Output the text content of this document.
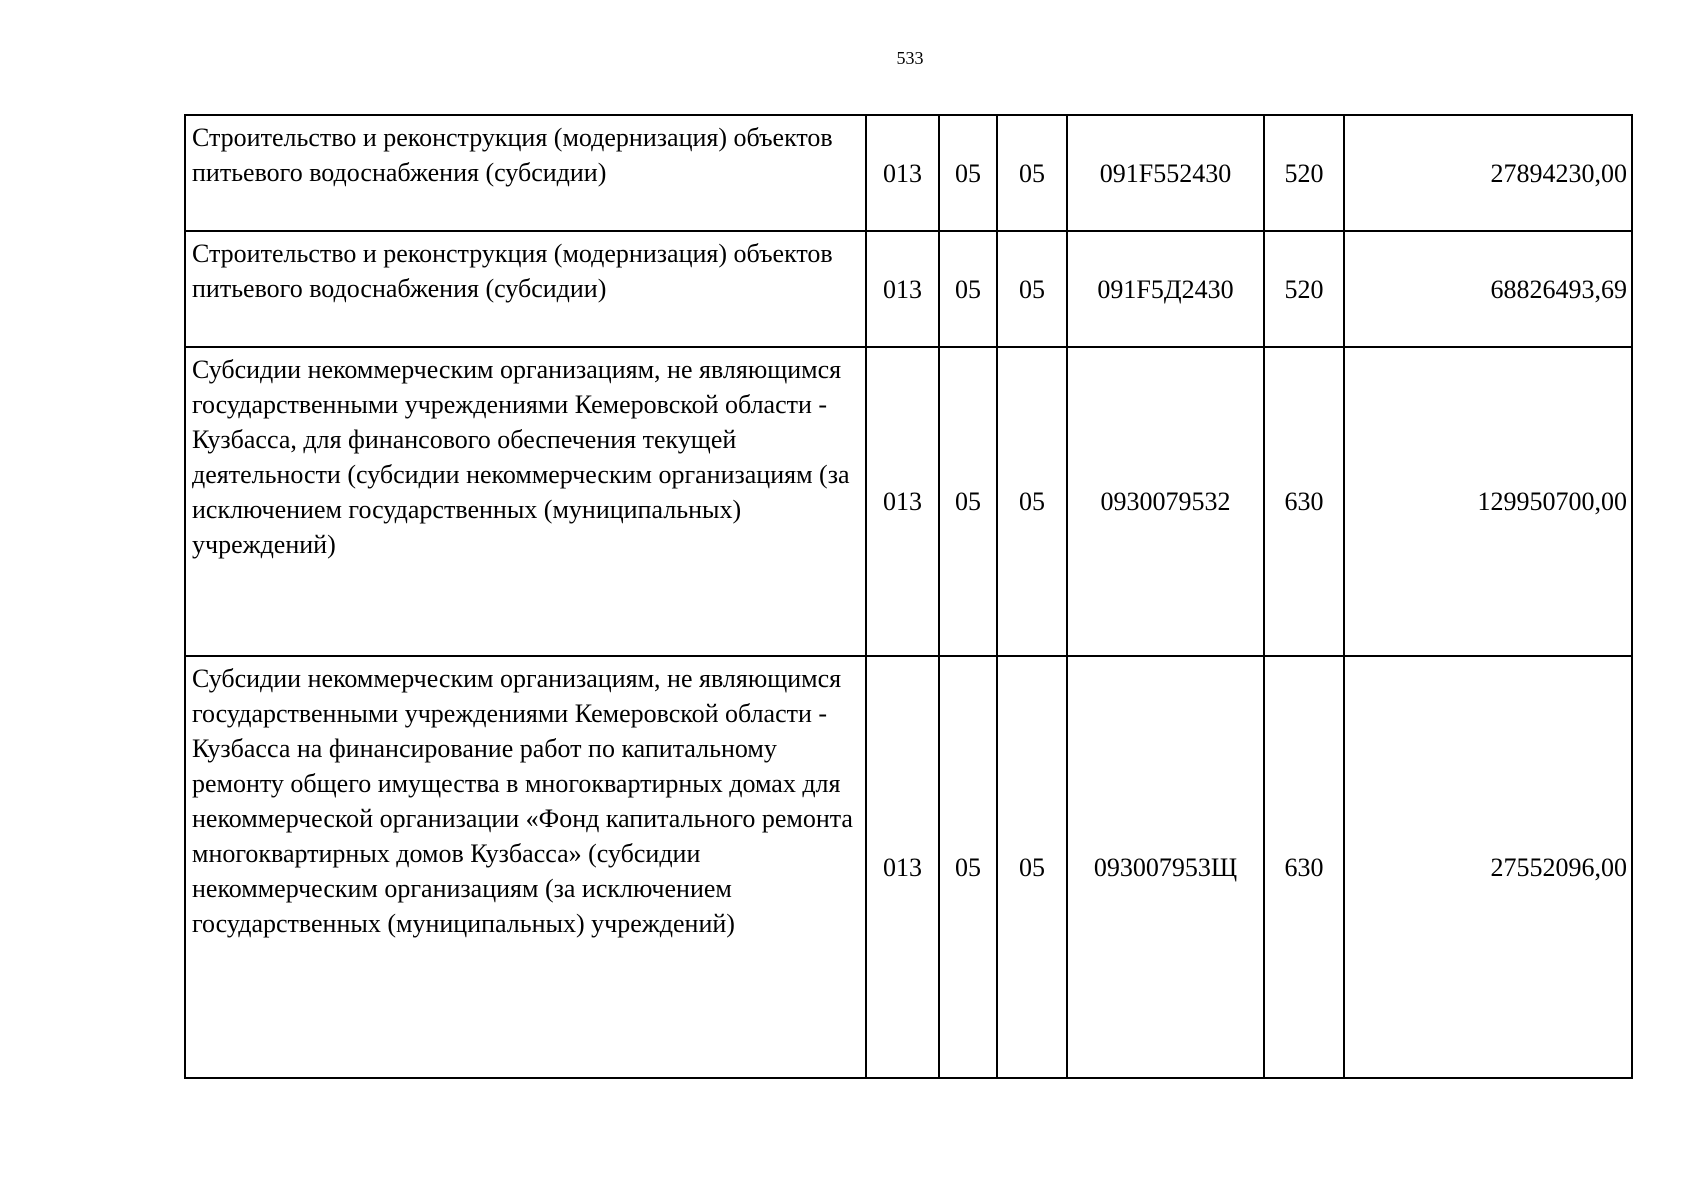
533
Строительство и реконструкция (модернизация) объектов питьевого водоснабжения (субсидии)	013	05	05	091F552430	520	27894230,00
Строительство и реконструкция (модернизация) объектов питьевого водоснабжения (субсидии)	013	05	05	091F5Д2430	520	68826493,69
Субсидии некоммерческим организациям, не являющимся государственными учреждениями Кемеровской области - Кузбасса, для финансового обеспечения текущей деятельности (субсидии некоммерческим организациям (за исключением государственных (муниципальных) учреждений)	013	05	05	0930079532	630	129950700,00
Субсидии некоммерческим организациям, не являющимся государственными учреждениями Кемеровской области - Кузбасса на финансирование работ по капитальному ремонту общего имущества в многоквартирных домах для некоммерческой организации «Фонд капитального ремонта многоквартирных домов Кузбасса» (субсидии некоммерческим организациям (за исключением государственных (муниципальных) учреждений)	013	05	05	093007953Щ	630	27552096,00
